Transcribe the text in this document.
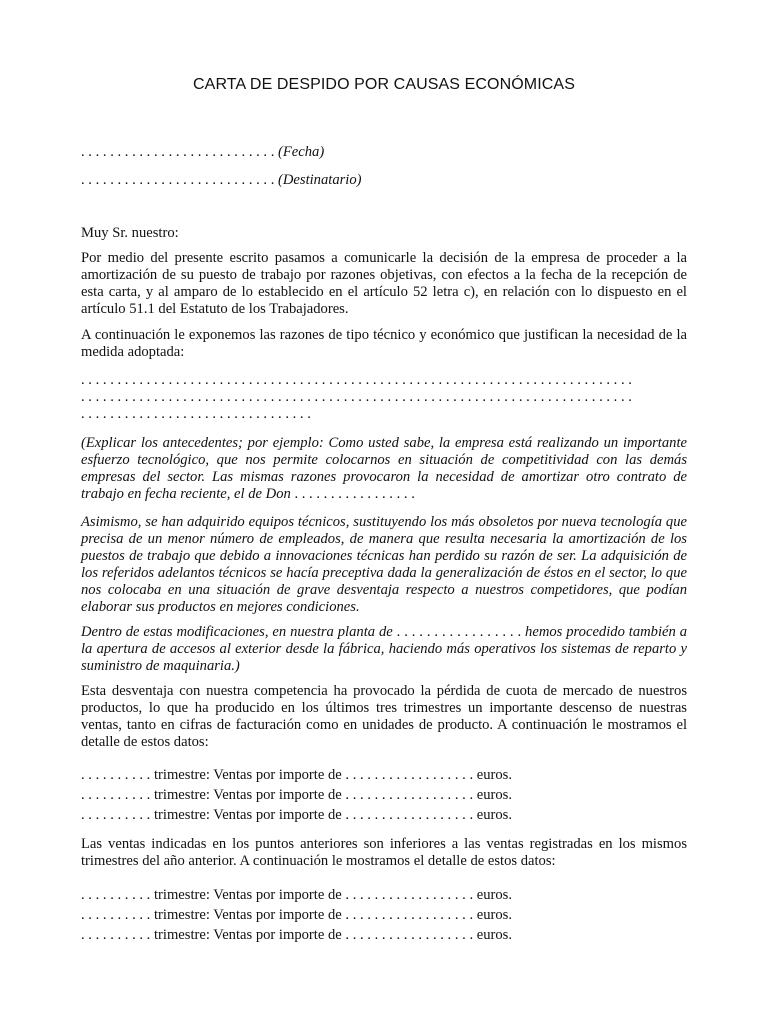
CARTA DE DESPIDO POR CAUSAS ECONÓMICAS

. . . . . . . . . . . . . . . . . . . . . . . . . . . (Fecha)

. . . . . . . . . . . . . . . . . . . . . . . . . . . (Destinatario)

Muy Sr. nuestro:

Por medio del presente escrito pasamos a comunicarle la decisión de la empresa de proceder a la amortización de su puesto de trabajo por razones objetivas, con efectos a la fecha de la recepción de esta carta, y al amparo de lo establecido en el artículo 52 letra c), en relación con lo dispuesto en el artículo 51.1 del Estatuto de los Trabajadores.

A continuación le exponemos las razones de tipo técnico y económico que justifican la necesidad de la medida adoptada:

. . . . . . . . . . . . . . . . . . . . . . . . . . . . . . . . . . . . . . . . . . . . . . . . . . . . . . . . . . . . . . . . . . . . . . . . . . . .
. . . . . . . . . . . . . . . . . . . . . . . . . . . . . . . . . . . . . . . . . . . . . . . . . . . . . . . . . . . . . . . . . . . . . . . . . . . .
. . . . . . . . . . . . . . . . . . . . . . . . . . . . . . . .

(Explicar los antecedentes; por ejemplo: Como usted sabe, la empresa está realizando un importante esfuerzo tecnológico, que nos permite colocarnos en situación de competitividad con las demás empresas del sector. Las mismas razones provocaron la necesidad de amortizar otro contrato de trabajo en fecha reciente, el de Don . . . . . . . . . . . . . . . . .

Asimismo, se han adquirido equipos técnicos, sustituyendo los más obsoletos por nueva tecnología que precisa de un menor número de empleados, de manera que resulta necesaria la amortización de los puestos de trabajo que debido a innovaciones técnicas han perdido su razón de ser. La adquisición de los referidos adelantos técnicos se hacía preceptiva dada la generalización de éstos en el sector, lo que nos colocaba en una situación de grave desventaja respecto a nuestros competidores, que podían elaborar sus productos en mejores condiciones.

Dentro de estas modificaciones, en nuestra planta de . . . . . . . . . . . . . . . . . hemos procedido también a la apertura de accesos al exterior desde la fábrica, haciendo más operativos los sistemas de reparto y suministro de maquinaria.)

Esta desventaja con nuestra competencia ha provocado la pérdida de cuota de mercado de nuestros productos, lo que ha producido en los últimos tres trimestres un importante descenso de nuestras ventas, tanto en cifras de facturación como en unidades de producto. A continuación le mostramos el detalle de estos datos:

. . . . . . . . . . trimestre: Ventas por importe de . . . . . . . . . . . . . . . . . . euros.
. . . . . . . . . . trimestre: Ventas por importe de . . . . . . . . . . . . . . . . . . euros.
. . . . . . . . . . trimestre: Ventas por importe de . . . . . . . . . . . . . . . . . . euros.

Las ventas indicadas en los puntos anteriores son inferiores a las ventas registradas en los mismos trimestres del año anterior. A continuación le mostramos el detalle de estos datos:

. . . . . . . . . . trimestre: Ventas por importe de . . . . . . . . . . . . . . . . . . euros.
. . . . . . . . . . trimestre: Ventas por importe de . . . . . . . . . . . . . . . . . . euros.
. . . . . . . . . . trimestre: Ventas por importe de . . . . . . . . . . . . . . . . . . euros.
